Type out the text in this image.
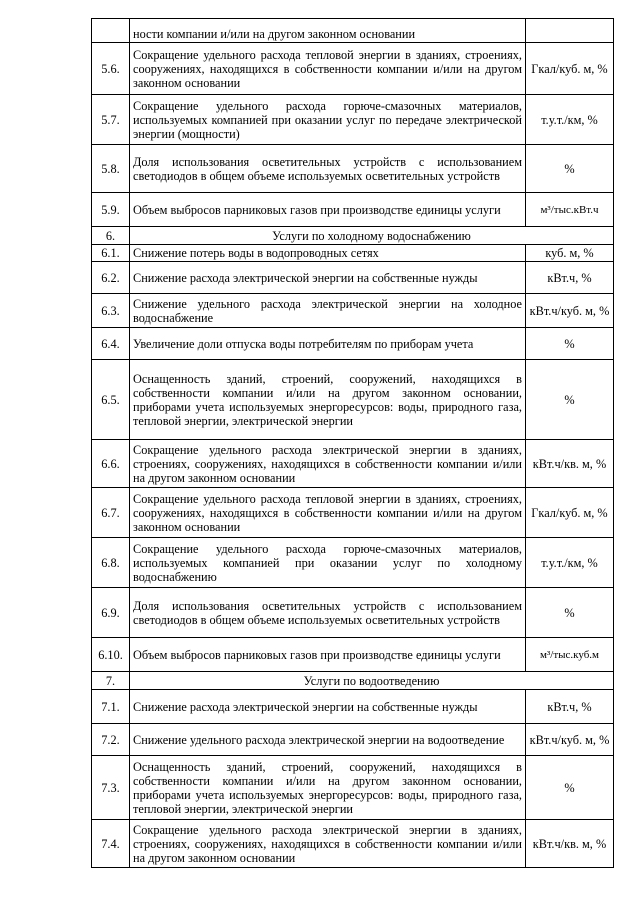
	ности компании и/или на другом законном основании	
5.6.	Сокращение удельного расхода тепловой энергии в зданиях, строениях, сооружениях, находящихся в собственности компании и/или на другом законном основании	Гкал/куб. м, %
5.7.	Сокращение удельного расхода горюче-смазочных материалов, используемых компанией при оказании услуг по передаче электрической энергии (мощности)	т.у.т./км, %
5.8.	Доля использования осветительных устройств с использованием светодиодов в общем объеме используемых осветительных устройств	%
5.9.	Объем выбросов парниковых газов при производстве единицы услуги	м³/тыс.кВт.ч
6.	Услуги по холодному водоснабжению	
6.1.	Снижение потерь воды в водопроводных сетях	куб. м, %
6.2.	Снижение расхода электрической энергии на собственные нужды	кВт.ч, %
6.3.	Снижение удельного расхода электрической энергии на холодное водоснабжение	кВт.ч/куб. м, %
6.4.	Увеличение доли отпуска воды потребителям по приборам учета	%
6.5.	Оснащенность зданий, строений, сооружений, находящихся в собственности компании и/или на другом законном основании, приборами учета используемых энергоресурсов: воды, природного газа, тепловой энергии, электрической энергии	%
6.6.	Сокращение удельного расхода электрической энергии в зданиях, строениях, сооружениях, находящихся в собственности компании и/или на другом законном основании	кВт.ч/кв. м, %
6.7.	Сокращение удельного расхода тепловой энергии в зданиях, строениях, сооружениях, находящихся в собственности компании и/или на другом законном основании	Гкал/куб. м, %
6.8.	Сокращение удельного расхода горюче-смазочных материалов, используемых компанией при оказании услуг по холодному водоснабжению	т.у.т./км, %
6.9.	Доля использования осветительных устройств с использованием светодиодов в общем объеме используемых осветительных устройств	%
6.10.	Объем выбросов парниковых газов при производстве единицы услуги	м³/тыс.куб.м
7.	Услуги по водоотведению	
7.1.	Снижение расхода электрической энергии на собственные нужды	кВт.ч, %
7.2.	Снижение удельного расхода электрической энергии на водоотведение	кВт.ч/куб. м, %
7.3.	Оснащенность зданий, строений, сооружений, находящихся в собственности компании и/или на другом законном основании, приборами учета используемых энергоресурсов: воды, природного газа, тепловой энергии, электрической энергии	%
7.4.	Сокращение удельного расхода электрической энергии в зданиях, строениях, сооружениях, находящихся в собственности компании и/или на другом законном основании	кВт.ч/кв. м, %
